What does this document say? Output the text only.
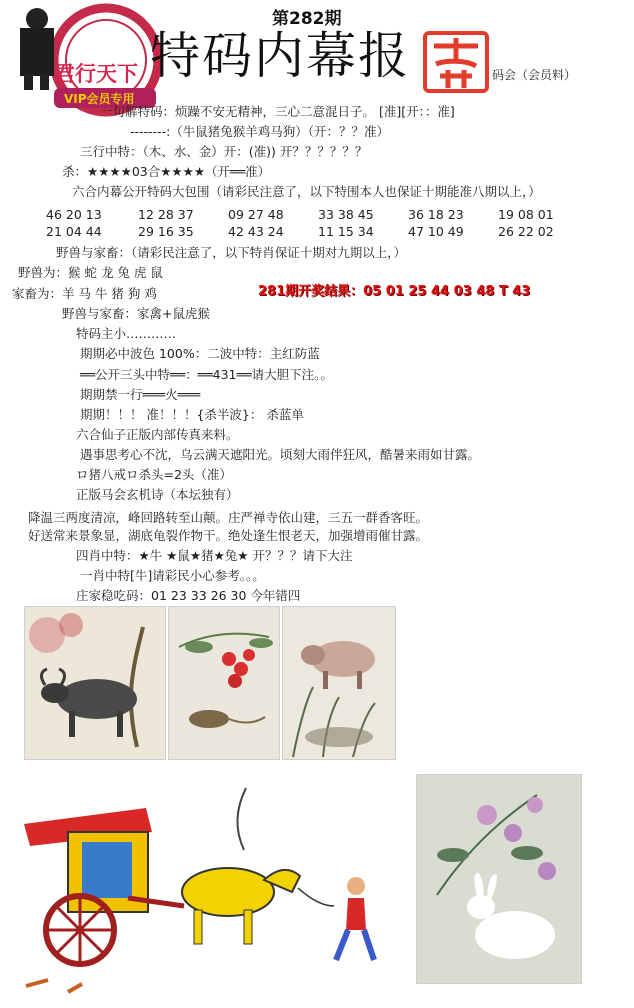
君行天下
VIP会员专用
第282期
特码内幕报	码会（会员料）
一句解特码：烦躁不安无精神，三心二意混日子。 [准][开：：准]
--------:（牛鼠猪兔猴羊鸡马狗）（开：？？准）
三行中特：（木、水、金）开：(准)) 开？？？？？？
杀：★★★★03合★★★★（开══准）
六合内幕公开特码大包围（请彩民注意了，以下特围本人也保证十期能准八期以上，）
46 20 13	12 28 37	09 27 48	33 38 45	36 18 23	19 08 01
21 04 44	29 16 35	42 43 24	11 15 34	47 10 49	26 22 02
野兽与家畜：（请彩民注意了，以下特肖保证十期对九期以上，）
野兽为：猴 蛇 龙 兔 虎 鼠
家畜为：羊 马 牛 猪 狗 鸡	281期开奖结果：05 01 25 44 03 48 T 43
野兽与家畜：家禽+鼠虎猴
特码主小…………
期期必中波色 100%：二波中特：主红防蓝
══公开三头中特══：══431══请大胆下注。。
期期禁一行═══火═══
期期！！！ 准！！！{杀半波}： 杀蓝单
六合仙子正版内部传真来料。
遇事思考心不沈，乌云满天遮阳光。顷刻大雨伴狂风，酷暑来雨如甘露。
ロ猪八戒ロ杀头=2头（准）
正版马会玄机诗（本坛独有）
降温三两度清凉，峰回路转至山颠。庄严禅寺依山建，三五一群香客旺。
好送常来景象显，湖底龟裂作物干。绝处逢生恨老天，加强增雨催甘露。
四肖中特：★牛 ★鼠★猪★兔★ 开？？？请下大注
一肖中特[牛]请彩民小心参考。。。
庄家稳吃码：01 23 33 26 30 今年错四
